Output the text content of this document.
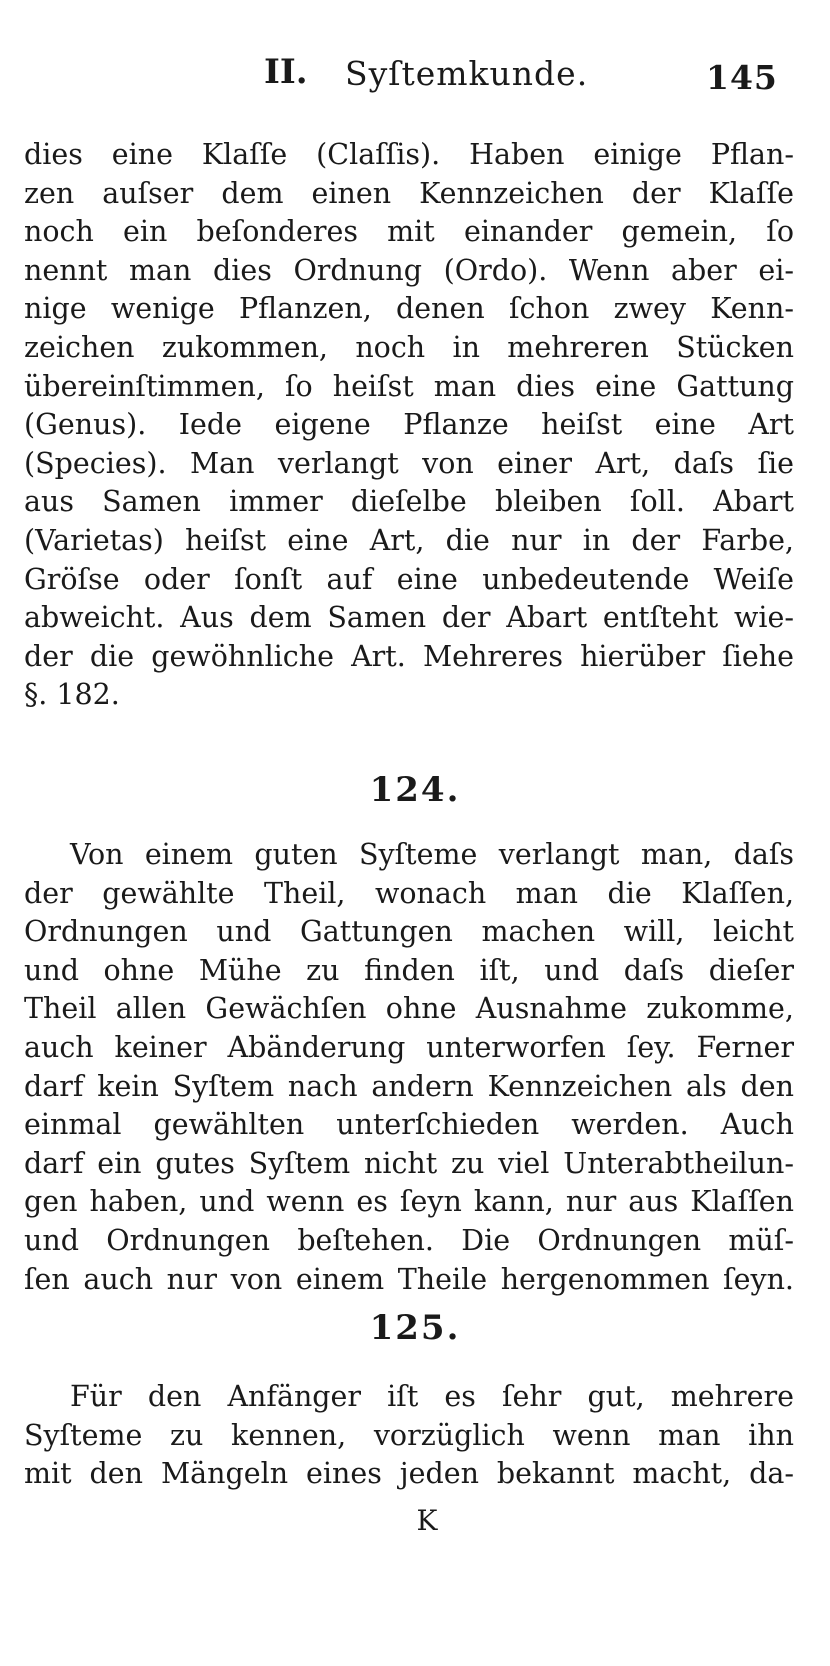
II. Syſtemkunde.	145
dies eine Klaſſe (Claſſis). Haben einige Pflan-
zen auſser dem einen Kennzeichen der Klaſſe
noch ein beſonderes mit einander gemein, ſo
nennt man dies Ordnung (Ordo). Wenn aber ei-
nige wenige Pflanzen, denen ſchon zwey Kenn-
zeichen zukommen, noch in mehreren Stücken
übereinſtimmen, ſo heiſst man dies eine Gattung
(Genus). Iede eigene Pflanze heiſst eine Art
(Species). Man verlangt von einer Art, daſs ſie
aus Samen immer dieſelbe bleiben ſoll. Abart
(Varietas) heiſst eine Art, die nur in der Farbe,
Gröſse oder ſonſt auf eine unbedeutende Weiſe
abweicht. Aus dem Samen der Abart entſteht wie-
der die gewöhnliche Art. Mehreres hierüber ſiehe
§. 182.
124.
Von einem guten Syſteme verlangt man, daſs
der gewählte Theil, wonach man die Klaſſen,
Ordnungen und Gattungen machen will, leicht
und ohne Mühe zu finden iſt, und daſs dieſer
Theil allen Gewächſen ohne Ausnahme zukomme,
auch keiner Abänderung unterworfen ſey. Ferner
darf kein Syſtem nach andern Kennzeichen als den
einmal gewählten unterſchieden werden. Auch
darf ein gutes Syſtem nicht zu viel Unterabtheilun-
gen haben, und wenn es ſeyn kann, nur aus Klaſſen
und Ordnungen beſtehen. Die Ordnungen müſ-
ſen auch nur von einem Theile hergenommen ſeyn.
125.
Für den Anfänger iſt es ſehr gut, mehrere
Syſteme zu kennen, vorzüglich wenn man ihn
mit den Mängeln eines jeden bekannt macht, da-
K
